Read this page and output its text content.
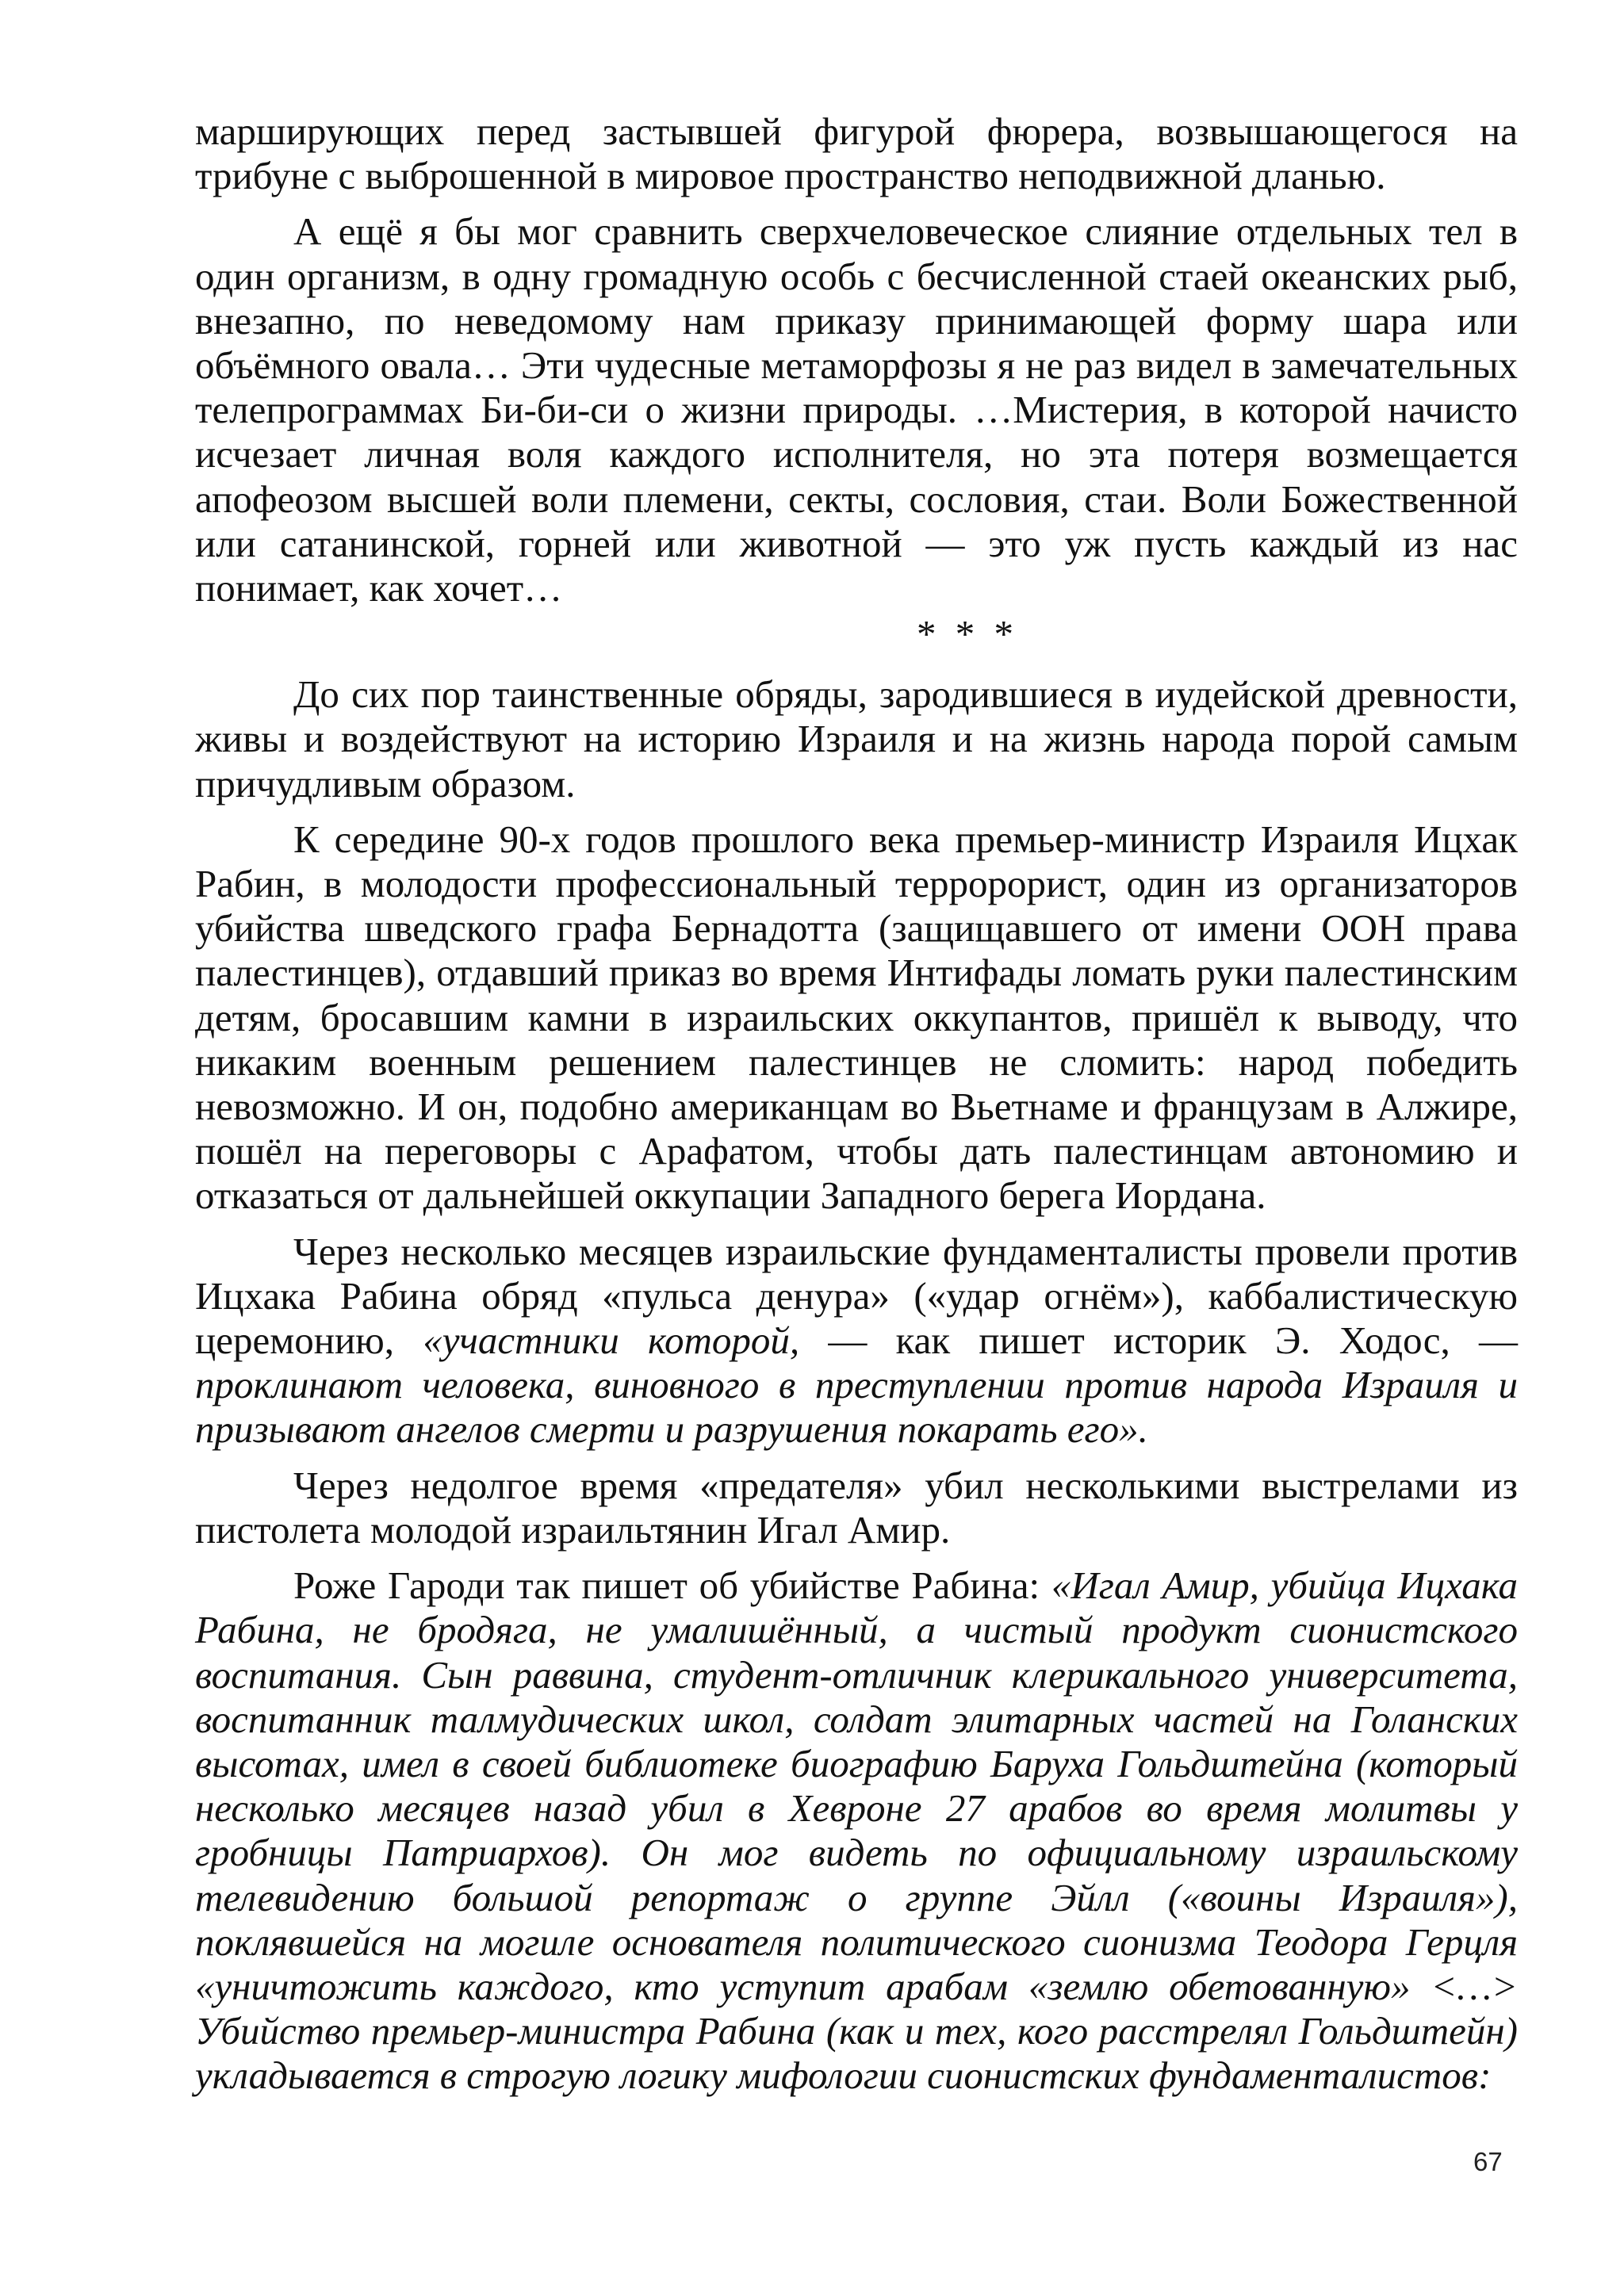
марширующих перед застывшей фигурой фюрера, возвышающегося на трибуне с выброшенной в мировое пространство неподвижной дланью.

А ещё я бы мог сравнить сверхчеловеческое слияние отдельных тел в один организм, в одну громадную особь с бесчисленной стаей океанских рыб, внезапно, по неведомому нам приказу принимающей форму шара или объёмного овала… Эти чудесные метаморфозы я не раз видел в замечательных телепрограммах Би-би-си о жизни природы. …Мистерия, в которой начисто исчезает личная воля каждого исполнителя, но эта потеря возмещается апофеозом высшей воли племени, секты, сословия, стаи. Воли Божественной или сатанинской, горней или животной — это уж пусть каждый из нас понимает, как хочет…

* * *

До сих пор таинственные обряды, зародившиеся в иудейской древности, живы и воздействуют на историю Израиля и на жизнь народа порой самым причудливым образом.

К середине 90-х годов прошлого века премьер-министр Израиля Ицхак Рабин, в молодости профессиональный терророрист, один из организаторов убийства шведского графа Бернадотта (защищавшего от имени ООН права палестинцев), отдавший приказ во время Интифады ломать руки палестинским детям, бросавшим камни в израильских оккупантов, пришёл к выводу, что никаким военным решением палестинцев не сломить: народ победить невозможно. И он, подобно американцам во Вьетнаме и французам в Алжире, пошёл на переговоры с Арафатом, чтобы дать палестинцам автономию и отказаться от дальнейшей оккупации Западного берега Иордана.

Через несколько месяцев израильские фундаменталисты провели против Ицхака Рабина обряд «пульса денура» («удар огнём»), каббалистическую церемонию, «участники которой, — как пишет историк Э. Ходос, — проклинают человека, виновного в преступлении против народа Израиля и призывают ангелов смерти и разрушения покарать его».

Через недолгое время «предателя» убил несколькими выстрелами из пистолета молодой израильтянин Игал Амир.

Роже Гароди так пишет об убийстве Рабина: «Игал Амир, убийца Ицхака Рабина, не бродяга, не умалишённый, а чистый продукт сионистского воспитания. Сын раввина, студент-отличник клерикального университета, воспитанник талмудических школ, солдат элитарных частей на Голанских высотах, имел в своей библиотеке биографию Баруха Гольдштейна (который несколько месяцев назад убил в Хевроне 27 арабов во время молитвы у гробницы Патриархов). Он мог видеть по официальному израильскому телевидению большой репортаж о группе Эйлл («воины Израиля»), поклявшейся на могиле основателя политического сионизма Теодора Герцля «уничтожить каждого, кто уступит арабам «землю обетованную» <…> Убийство премьер-министра Рабина (как и тех, кого расстрелял Гольдштейн) укладывается в строгую логику мифологии сионистских фундаменталистов:

67
